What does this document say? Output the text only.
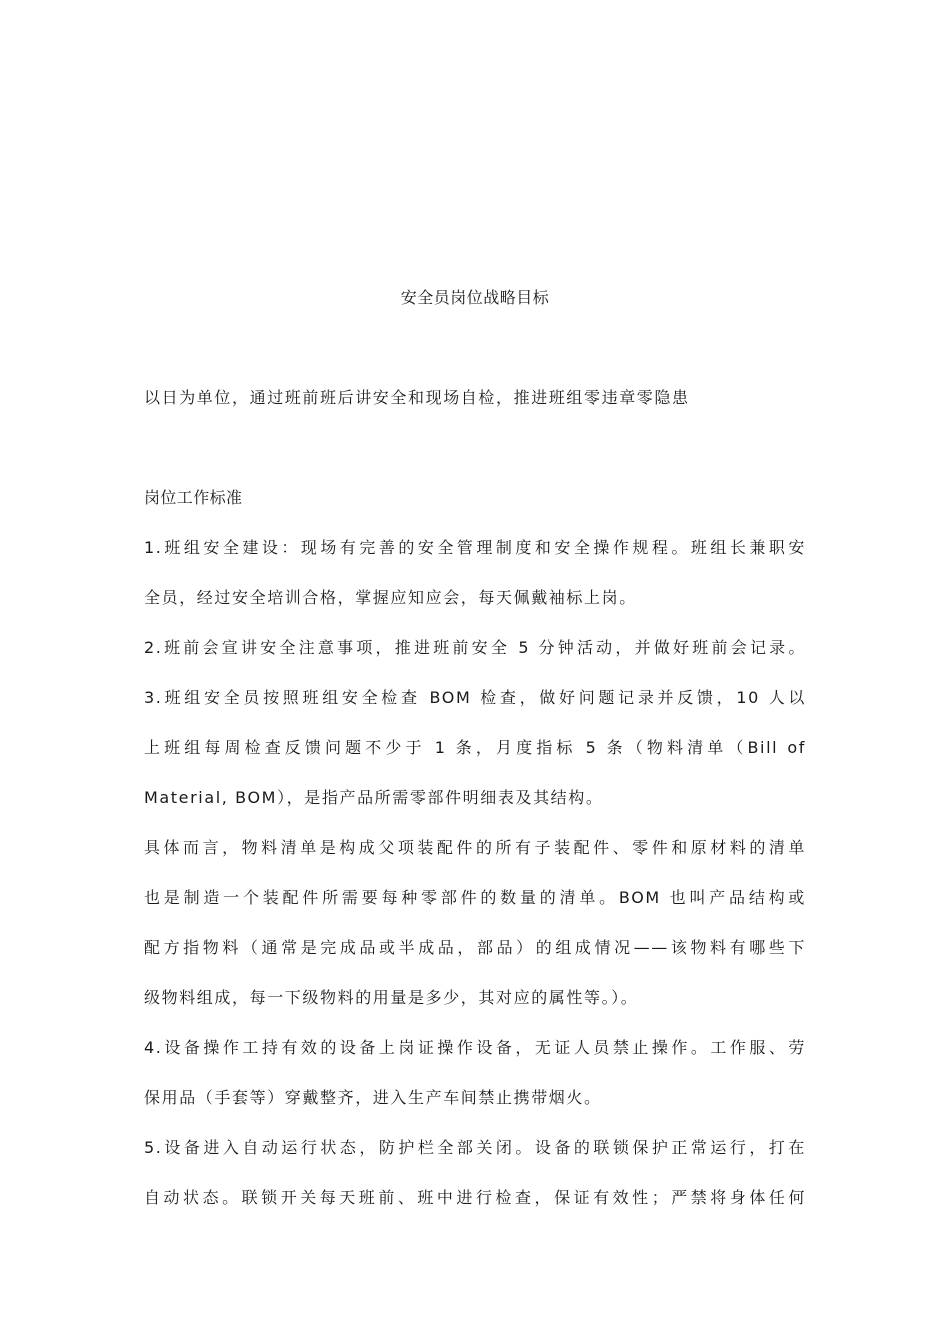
安全员岗位战略目标
以日为单位，通过班前班后讲安全和现场自检，推进班组零违章零隐患
岗位工作标准
1.班组安全建设：现场有完善的安全管理制度和安全操作规程。班组长兼职安
全员，经过安全培训合格，掌握应知应会，每天佩戴袖标上岗。
2.班前会宣讲安全注意事项，推进班前安全 5 分钟活动，并做好班前会记录。
3.班组安全员按照班组安全检查 BOM 检查，做好问题记录并反馈，10 人以
上班组每周检查反馈问题不少于 1 条，月度指标 5 条（物料清单（Bill of
Material, BOM），是指产品所需零部件明细表及其结构。
具体而言，物料清单是构成父项装配件的所有子装配件、零件和原材料的清单
也是制造一个装配件所需要每种零部件的数量的清单。BOM 也叫产品结构或
配方指物料（通常是完成品或半成品，部品）的组成情况——该物料有哪些下
级物料组成，每一下级物料的用量是多少，其对应的属性等。）。
4.设备操作工持有效的设备上岗证操作设备，无证人员禁止操作。工作服、劳
保用品（手套等）穿戴整齐，进入生产车间禁止携带烟火。
5.设备进入自动运行状态，防护栏全部关闭。设备的联锁保护正常运行，打在
自动状态。联锁开关每天班前、班中进行检查，保证有效性；严禁将身体任何
